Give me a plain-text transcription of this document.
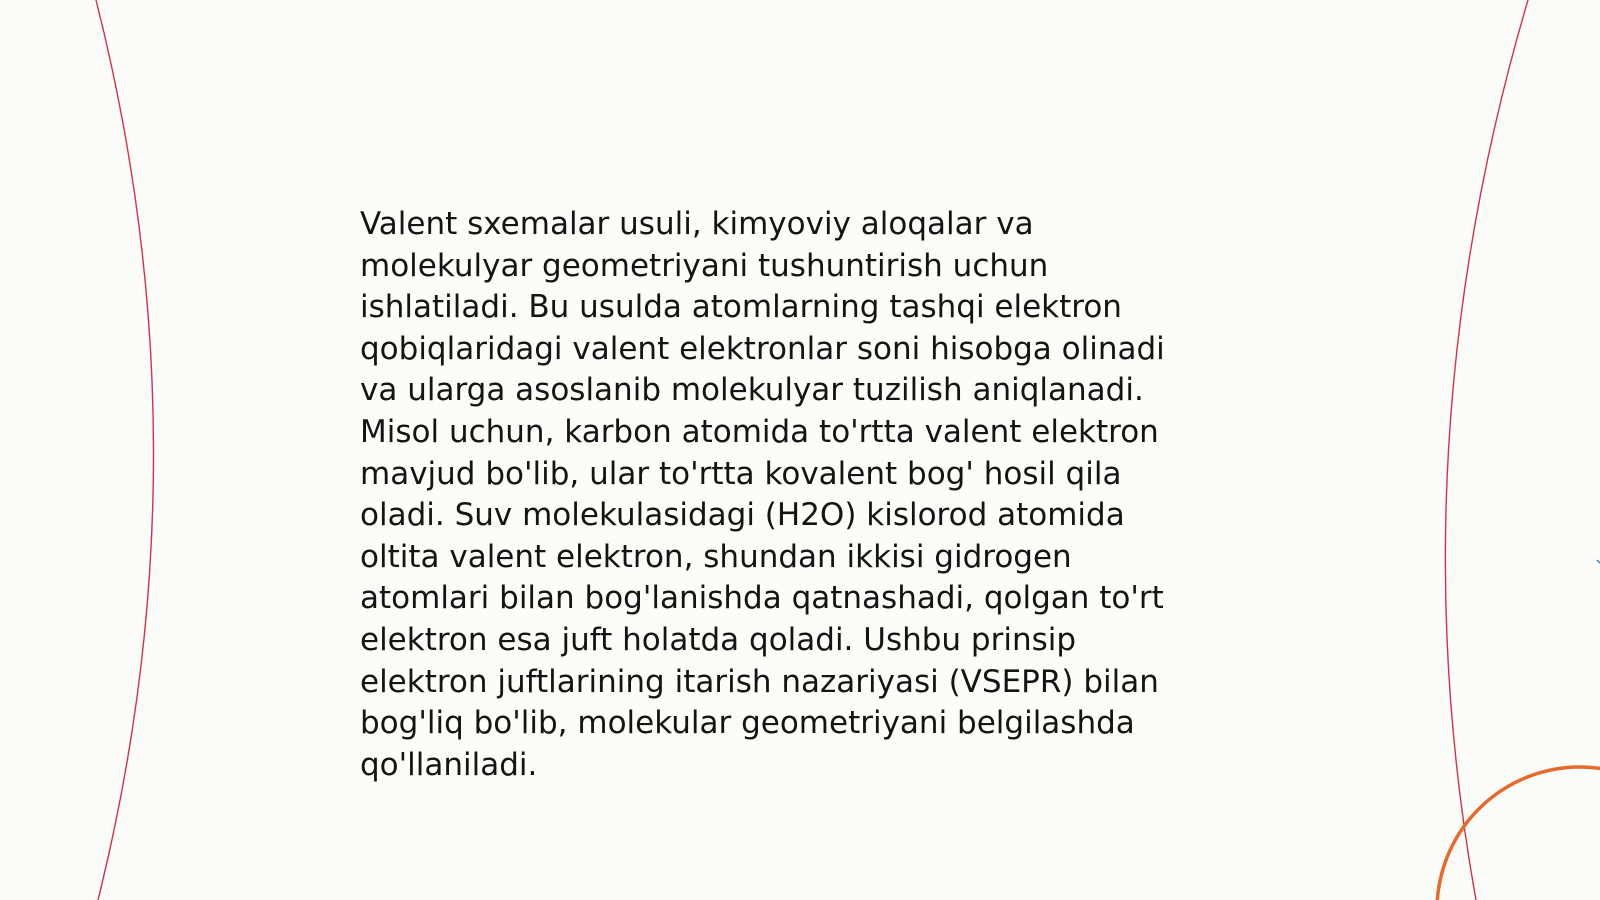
Valent sxemalar usuli, kimyoviy aloqalar va
molekulyar geometriyani tushuntirish uchun
ishlatiladi. Bu usulda atomlarning tashqi elektron
qobiqlaridagi valent elektronlar soni hisobga olinadi
va ularga asoslanib molekulyar tuzilish aniqlanadi.
Misol uchun, karbon atomida to'rtta valent elektron
mavjud bo'lib, ular to'rtta kovalent bog' hosil qila
oladi. Suv molekulasidagi (H2O) kislorod atomida
oltita valent elektron, shundan ikkisi gidrogen
atomlari bilan bog'lanishda qatnashadi, qolgan to'rt
elektron esa juft holatda qoladi. Ushbu prinsip
elektron juftlarining itarish nazariyasi (VSEPR) bilan
bog'liq bo'lib, molekular geometriyani belgilashda
qo'llaniladi.
